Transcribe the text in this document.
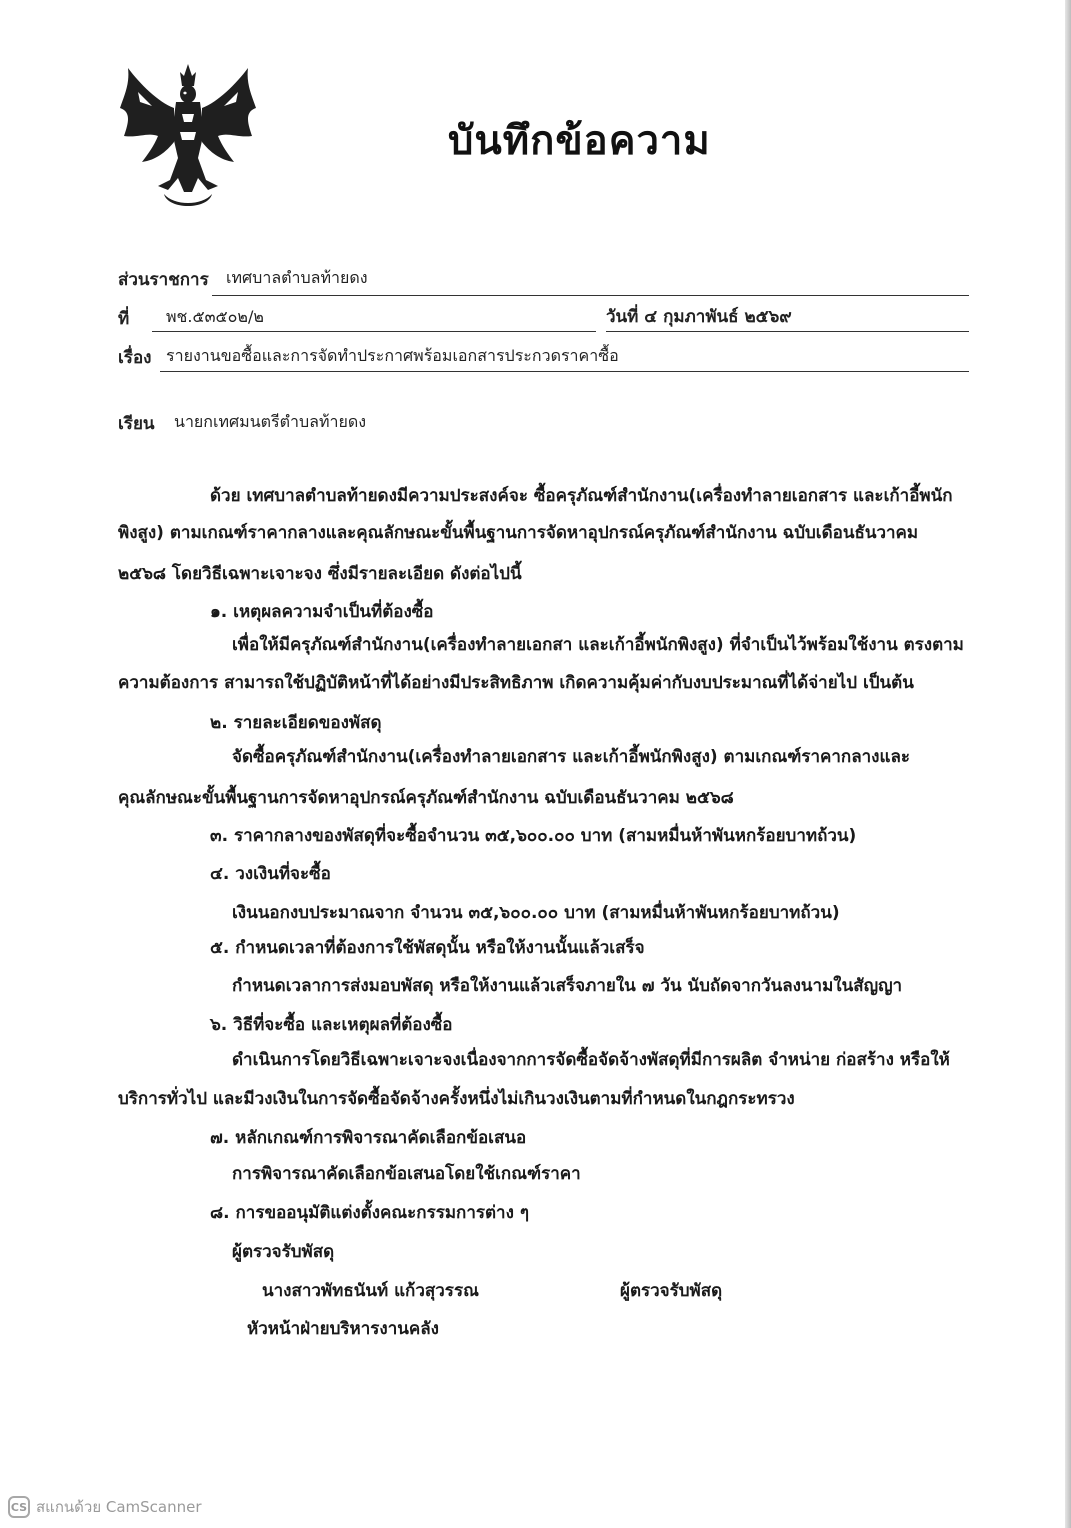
บันทึกข้อความ
ส่วนราชการ เทศบาลตำบลท้ายดง
ที่ พช.๕๓๕๐๒/๒	วันที่ ๔ กุมภาพันธ์ ๒๕๖๙
เรื่อง รายงานขอซื้อและการจัดทำประกาศพร้อมเอกสารประกวดราคาซื้อ
เรียน นายกเทศมนตรีตำบลท้ายดง
ด้วย เทศบาลตำบลท้ายดงมีความประสงค์จะ ซื้อครุภัณฑ์สำนักงาน(เครื่องทำลายเอกสาร และเก้าอี้พนัก
พิงสูง) ตามเกณฑ์ราคากลางและคุณลักษณะขั้นพื้นฐานการจัดหาอุปกรณ์ครุภัณฑ์สำนักงาน ฉบับเดือนธันวาคม
๒๕๖๘ โดยวิธีเฉพาะเจาะจง ซึ่งมีรายละเอียด ดังต่อไปนี้
๑. เหตุผลความจำเป็นที่ต้องซื้อ
เพื่อให้มีครุภัณฑ์สำนักงาน(เครื่องทำลายเอกสา และเก้าอี้พนักพิงสูง) ที่จำเป็นไว้พร้อมใช้งาน ตรงตาม
ความต้องการ สามารถใช้ปฏิบัติหน้าที่ได้อย่างมีประสิทธิภาพ เกิดความคุ้มค่ากับงบประมาณที่ได้จ่ายไป เป็นต้น
๒. รายละเอียดของพัสดุ
จัดซื้อครุภัณฑ์สำนักงาน(เครื่องทำลายเอกสาร และเก้าอี้พนักพิงสูง) ตามเกณฑ์ราคากลางและ
คุณลักษณะขั้นพื้นฐานการจัดหาอุปกรณ์ครุภัณฑ์สำนักงาน ฉบับเดือนธันวาคม ๒๕๖๘
๓. ราคากลางของพัสดุที่จะซื้อจำนวน ๓๕,๖๐๐.๐๐ บาท (สามหมื่นห้าพันหกร้อยบาทถ้วน)
๔. วงเงินที่จะซื้อ
เงินนอกงบประมาณจาก จำนวน ๓๕,๖๐๐.๐๐ บาท (สามหมื่นห้าพันหกร้อยบาทถ้วน)
๕. กำหนดเวลาที่ต้องการใช้พัสดุนั้น หรือให้งานนั้นแล้วเสร็จ
กำหนดเวลาการส่งมอบพัสดุ หรือให้งานแล้วเสร็จภายใน ๗ วัน นับถัดจากวันลงนามในสัญญา
๖. วิธีที่จะซื้อ และเหตุผลที่ต้องซื้อ
ดำเนินการโดยวิธีเฉพาะเจาะจงเนื่องจากการจัดซื้อจัดจ้างพัสดุที่มีการผลิต จำหน่าย ก่อสร้าง หรือให้
บริการทั่วไป และมีวงเงินในการจัดซื้อจัดจ้างครั้งหนึ่งไม่เกินวงเงินตามที่กำหนดในกฎกระทรวง
๗. หลักเกณฑ์การพิจารณาคัดเลือกข้อเสนอ
การพิจารณาคัดเลือกข้อเสนอโดยใช้เกณฑ์ราคา
๘. การขออนุมัติแต่งตั้งคณะกรรมการต่าง ๆ
ผู้ตรวจรับพัสดุ
นางสาวพัทธนันท์ แก้วสุวรรณ	ผู้ตรวจรับพัสดุ
หัวหน้าฝ่ายบริหารงานคลัง
CS สแกนด้วย CamScanner
